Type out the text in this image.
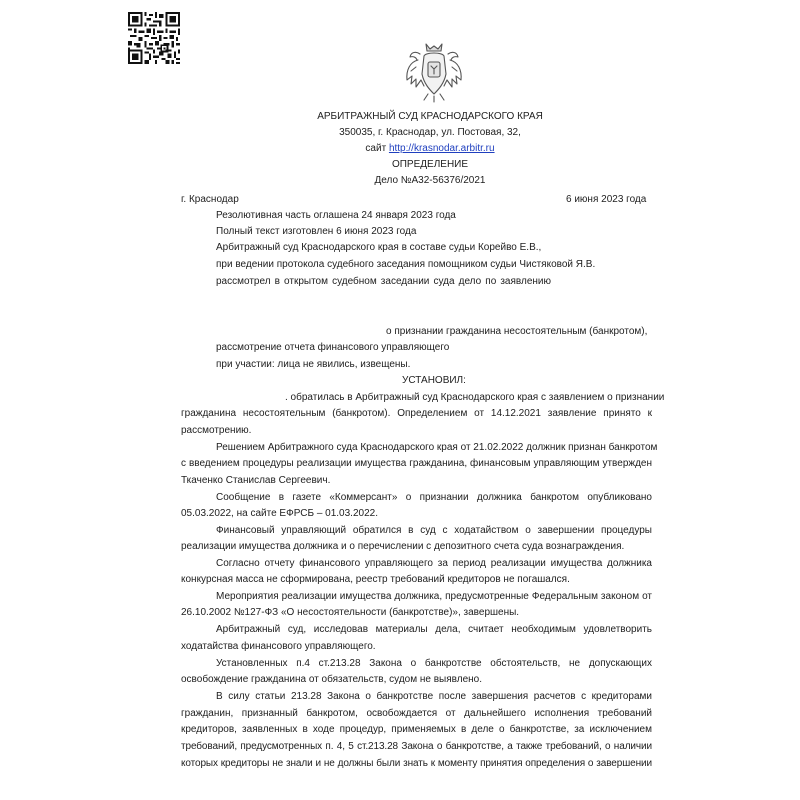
АРБИТРАЖНЫЙ СУД КРАСНОДАРСКОГО КРАЯ
350035, г. Краснодар, ул. Постовая, 32,
сайт http://krasnodar.arbitr.ru
ОПРЕДЕЛЕНИЕ
Дело №А32-56376/2021
г. Краснодар	6 июня 2023 года
Резолютивная часть оглашена 24 января 2023 года
Полный текст изготовлен 6 июня 2023 года
Арбитражный суд Краснодарского края в составе судьи Корейво Е.В.,
при ведении протокола судебного заседания помощником судьи Чистяковой Я.В.
рассмотрел в открытом судебном заседании суда дело по заявлению
о признании гражданина несостоятельным (банкротом),
рассмотрение отчета финансового управляющего
при участии: лица не явились, извещены.
УСТАНОВИЛ:
. обратилась в Арбитражный суд Краснодарского края с заявлением о признании
гражданина несостоятельным (банкротом). Определением от 14.12.2021 заявление принято к
рассмотрению.
Решением Арбитражного суда Краснодарского края от 21.02.2022 должник признан банкротом
с введением процедуры реализации имущества гражданина, финансовым управляющим утвержден
Ткаченко Станислав Сергеевич.
Сообщение в газете «Коммерсант» о признании должника банкротом опубликовано
05.03.2022, на сайте ЕФРСБ – 01.03.2022.
Финансовый управляющий обратился в суд с ходатайством о завершении процедуры
реализации имущества должника и о перечислении с депозитного счета суда вознаграждения.
Согласно отчету финансового управляющего за период реализации имущества должника
конкурсная масса не сформирована, реестр требований кредиторов не погашался.
Мероприятия реализации имущества должника, предусмотренные Федеральным законом от
26.10.2002 №127-ФЗ «О несостоятельности (банкротстве)», завершены.
Арбитражный суд, исследовав материалы дела, считает необходимым удовлетворить
ходатайства финансового управляющего.
Установленных п.4 ст.213.28 Закона о банкротстве обстоятельств, не допускающих
освобождение гражданина от обязательств, судом не выявлено.
В силу статьи 213.28 Закона о банкротстве после завершения расчетов с кредиторами
гражданин, признанный банкротом, освобождается от дальнейшего исполнения требований
кредиторов, заявленных в ходе процедур, применяемых в деле о банкротстве, за исключением
требований, предусмотренных п. 4, 5 ст.213.28 Закона о банкротстве, а также требований, о наличии
которых кредиторы не знали и не должны были знать к моменту принятия определения о завершении
